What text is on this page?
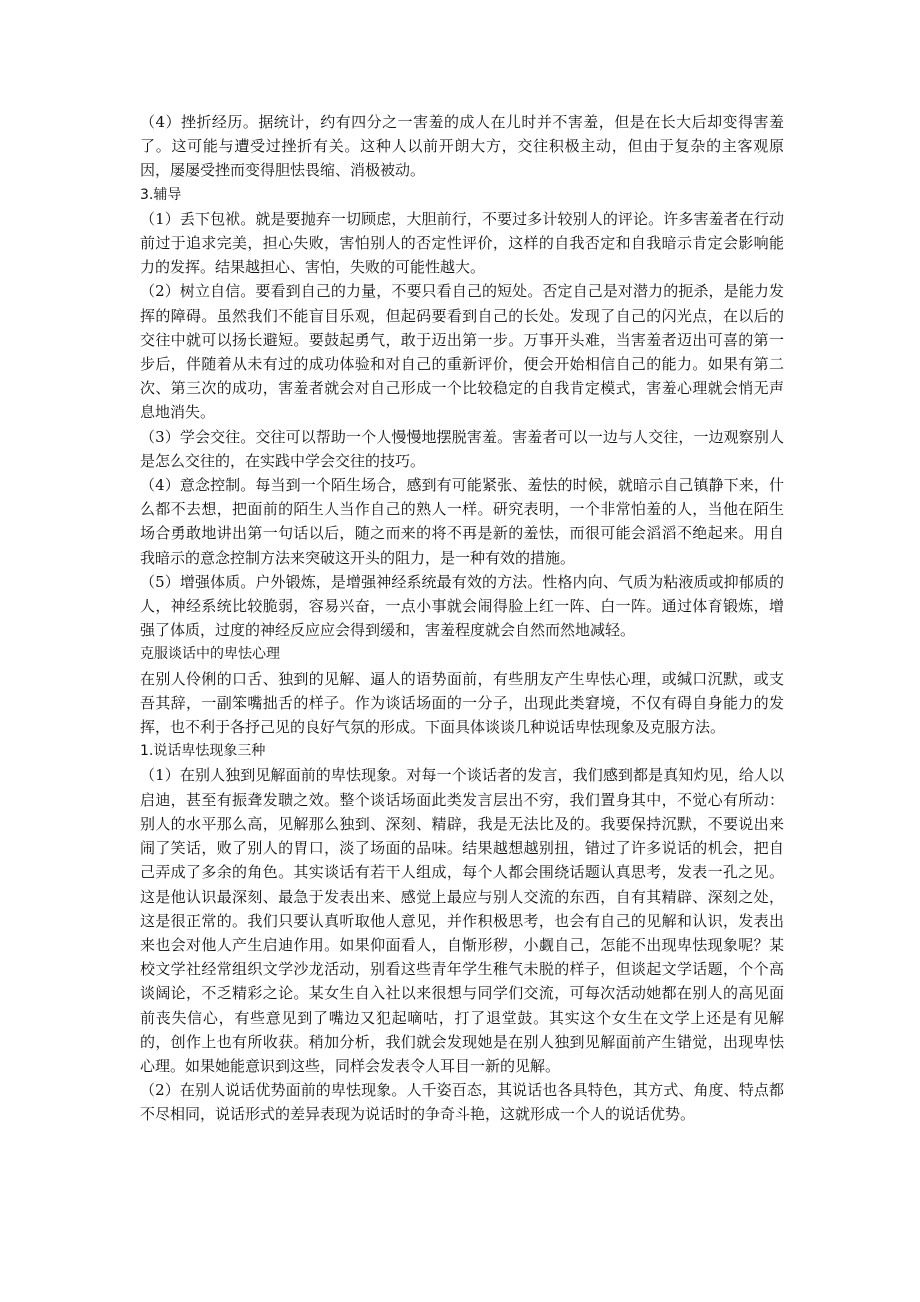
（4）挫折经历。据统计，约有四分之一害羞的成人在儿时并不害羞，但是在长大后却变得害羞了。这可能与遭受过挫折有关。这种人以前开朗大方，交往积极主动，但由于复杂的主客观原因，屡屡受挫而变得胆怯畏缩、消极被动。

3.辅导

（1）丢下包袱。就是要抛弃一切顾虑，大胆前行，不要过多计较别人的评论。许多害羞者在行动前过于追求完美，担心失败，害怕别人的否定性评价，这样的自我否定和自我暗示肯定会影响能力的发挥。结果越担心、害怕，失败的可能性越大。

（2）树立自信。要看到自己的力量，不要只看自己的短处。否定自己是对潜力的扼杀，是能力发挥的障碍。虽然我们不能盲目乐观，但起码要看到自己的长处。发现了自己的闪光点，在以后的交往中就可以扬长避短。要鼓起勇气，敢于迈出第一步。万事开头难，当害羞者迈出可喜的第一步后，伴随着从未有过的成功体验和对自己的重新评价，便会开始相信自己的能力。如果有第二次、第三次的成功，害羞者就会对自己形成一个比较稳定的自我肯定模式，害羞心理就会悄无声息地消失。

（3）学会交往。交往可以帮助一个人慢慢地摆脱害羞。害羞者可以一边与人交往，一边观察别人是怎么交往的，在实践中学会交往的技巧。

（4）意念控制。每当到一个陌生场合，感到有可能紧张、羞怯的时候，就暗示自己镇静下来，什么都不去想，把面前的陌生人当作自己的熟人一样。研究表明，一个非常怕羞的人，当他在陌生场合勇敢地讲出第一句话以后，随之而来的将不再是新的羞怯，而很可能会滔滔不绝起来。用自我暗示的意念控制方法来突破这开头的阻力，是一种有效的措施。

（5）增强体质。户外锻炼，是增强神经系统最有效的方法。性格内向、气质为粘液质或抑郁质的人，神经系统比较脆弱，容易兴奋，一点小事就会闹得脸上红一阵、白一阵。通过体育锻炼，增强了体质，过度的神经反应应会得到缓和，害羞程度就会自然而然地减轻。

克服谈话中的卑怯心理

在别人伶俐的口舌、独到的见解、逼人的语势面前，有些朋友产生卑怯心理，或缄口沉默，或支吾其辞，一副笨嘴拙舌的样子。作为谈话场面的一分子，出现此类窘境，不仅有碍自身能力的发挥，也不利于各抒己见的良好气氛的形成。下面具体谈谈几种说话卑怯现象及克服方法。

1.说话卑怯现象三种

（1）在别人独到见解面前的卑怯现象。对每一个谈话者的发言，我们感到都是真知灼见，给人以启迪，甚至有振聋发聩之效。整个谈话场面此类发言层出不穷，我们置身其中，不觉心有所动：别人的水平那么高，见解那么独到、深刻、精辟，我是无法比及的。我要保持沉默，不要说出来闹了笑话，败了别人的胃口，淡了场面的品味。结果越想越别扭，错过了许多说话的机会，把自己弄成了多余的角色。其实谈话有若干人组成，每个人都会围绕话题认真思考，发表一孔之见。这是他认识最深刻、最急于发表出来、感觉上最应与别人交流的东西，自有其精辟、深刻之处，这是很正常的。我们只要认真听取他人意见，并作积极思考，也会有自己的见解和认识，发表出来也会对他人产生启迪作用。如果仰面看人，自惭形秽，小觑自己，怎能不出现卑怯现象呢？某校文学社经常组织文学沙龙活动，别看这些青年学生稚气未脱的样子，但谈起文学话题，个个高谈阔论，不乏精彩之论。某女生自入社以来很想与同学们交流，可每次活动她都在别人的高见面前丧失信心，有些意见到了嘴边又犯起嘀咕，打了退堂鼓。其实这个女生在文学上还是有见解的，创作上也有所收获。稍加分析，我们就会发现她是在别人独到见解面前产生错觉，出现卑怯心理。如果她能意识到这些，同样会发表令人耳目一新的见解。

（2）在别人说话优势面前的卑怯现象。人千姿百态，其说话也各具特色，其方式、角度、特点都不尽相同，说话形式的差异表现为说话时的争奇斗艳，这就形成一个人的说话优势。
